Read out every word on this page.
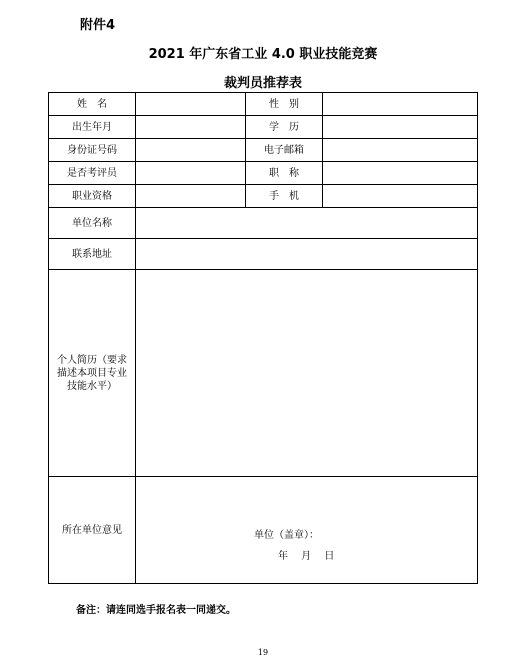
附件4
2021 年广东省工业 4.0 职业技能竞赛
裁判员推荐表
姓　名		性　别	
出生年月		学　历	
身份证号码		电子邮箱	
是否考评员		职　称	
职业资格		手　机	
单位名称			
联系地址			

个人简历（要求
描述本项目专业
技能水平）			

所在单位意见	单位（盖章）：
年 月 日		
备注：请连同选手报名表一同递交。
19
